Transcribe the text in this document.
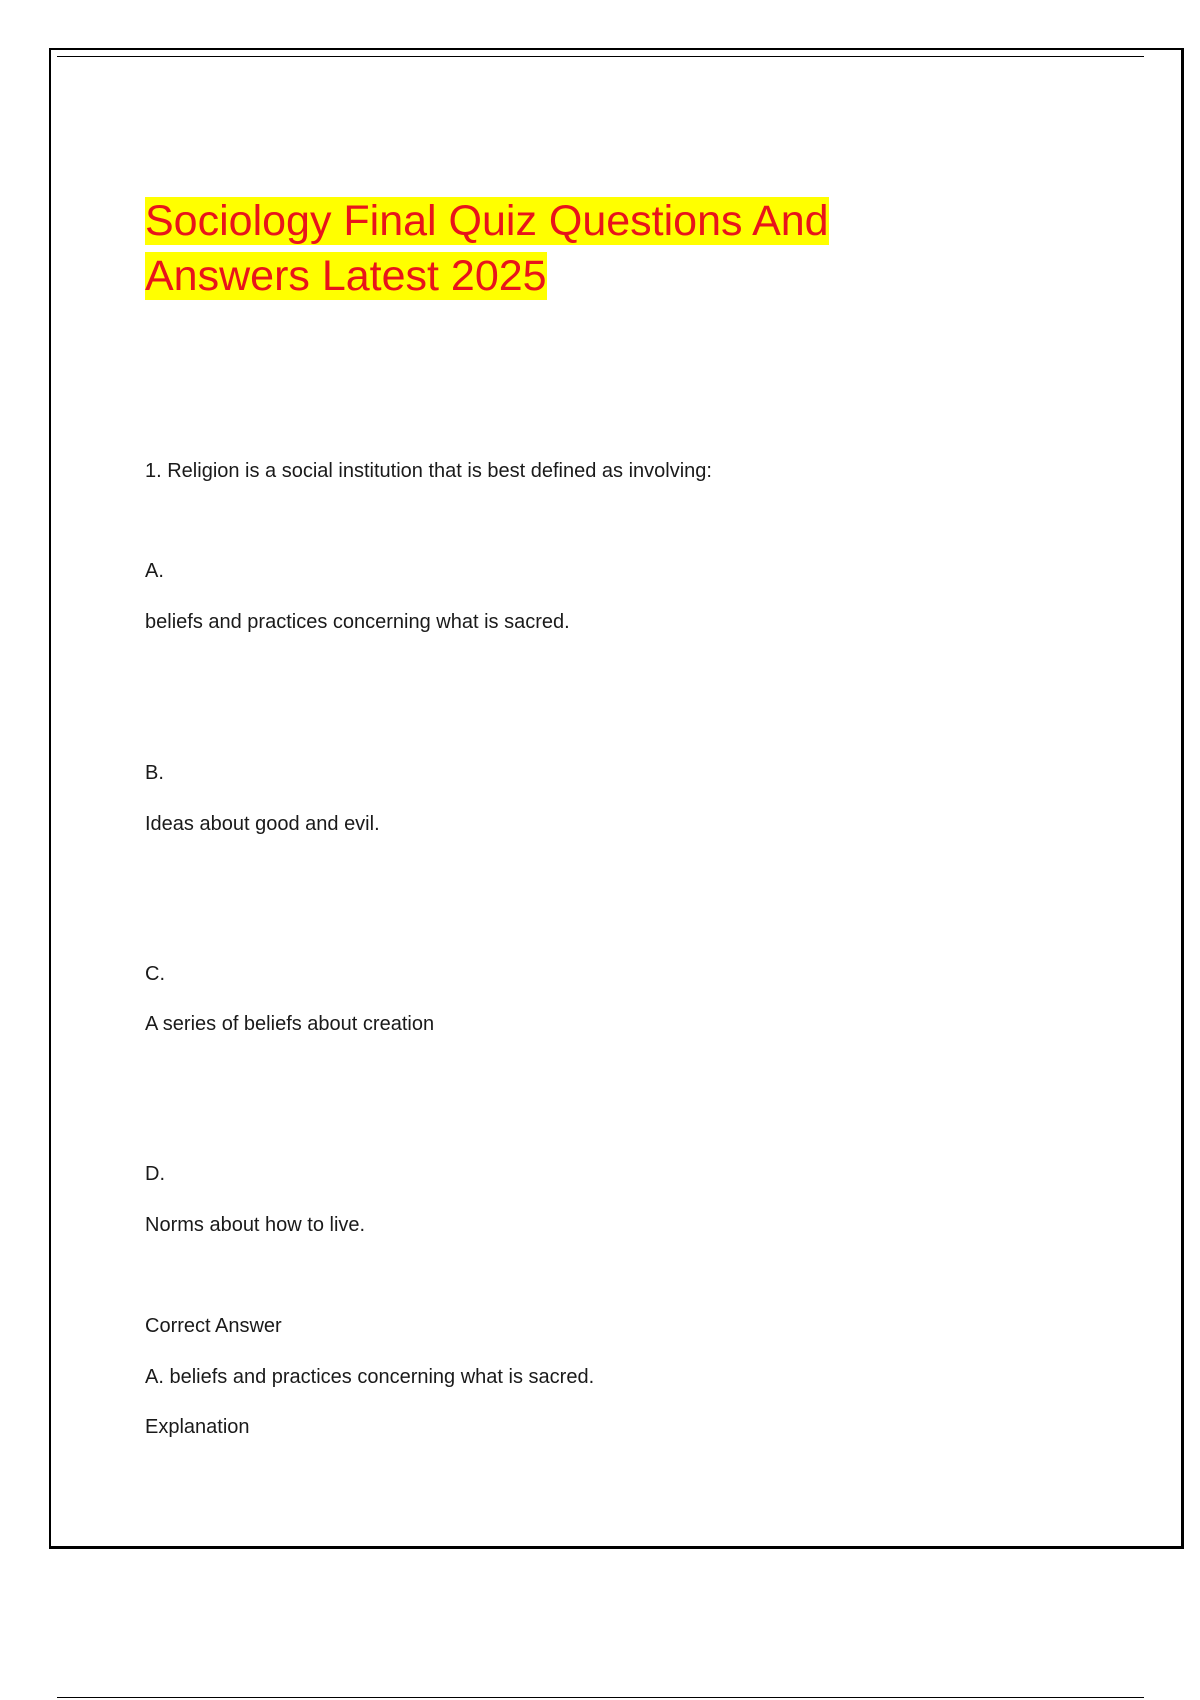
Sociology Final Quiz Questions And Answers Latest 2025

1. Religion is a social institution that is best defined as involving:

A.

beliefs and practices concerning what is sacred.

B.

Ideas about good and evil.

C.

A series of beliefs about creation

D.

Norms about how to live.

Correct Answer

A. beliefs and practices concerning what is sacred.

Explanation
